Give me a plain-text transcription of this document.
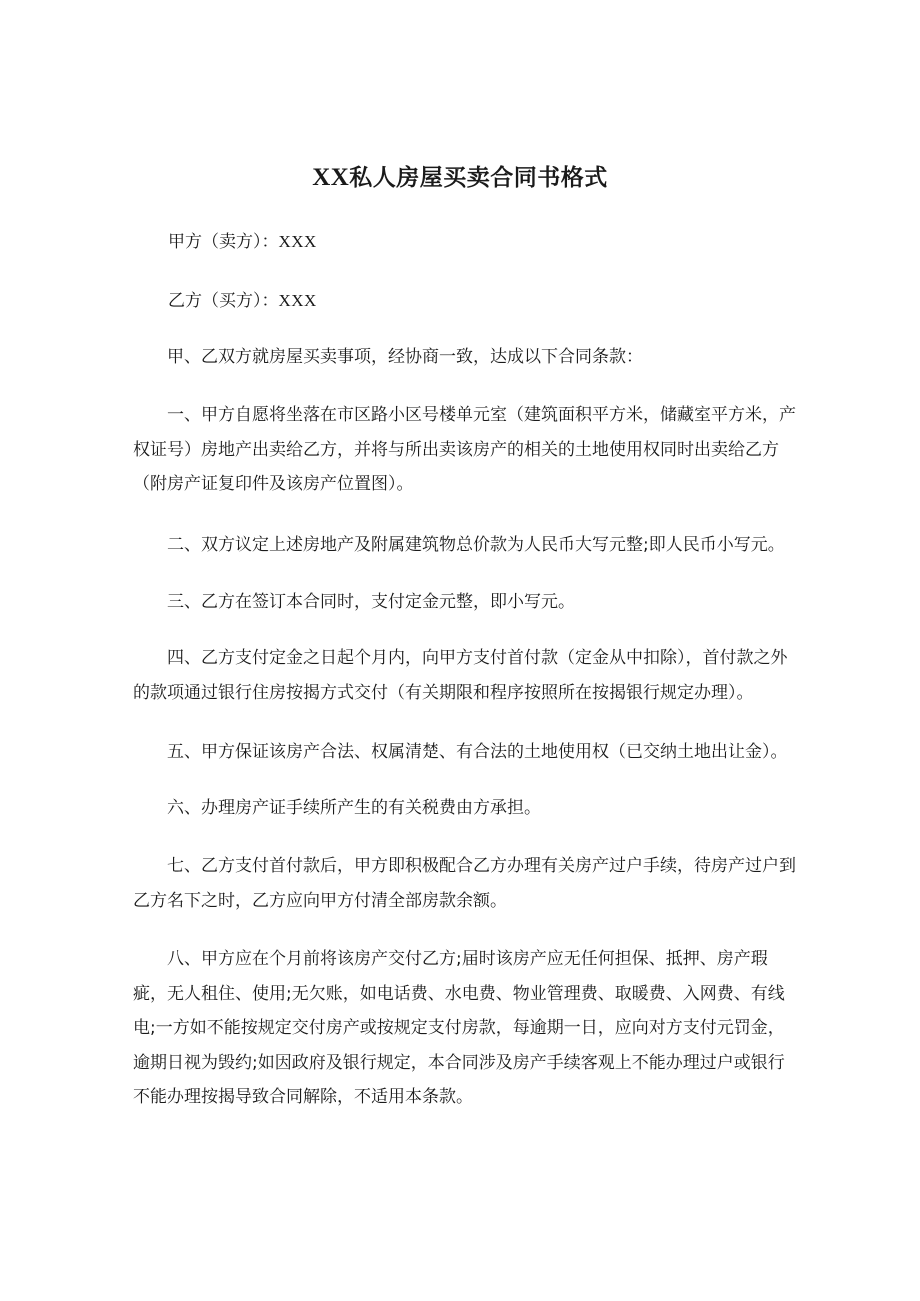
XX私人房屋买卖合同书格式
甲方（卖方）：XXX
乙方（买方）：XXX

甲、乙双方就房屋买卖事项，经协商一致，达成以下合同条款：

一、甲方自愿将坐落在市区路小区号楼单元室（建筑面积平方米，储藏室平方米，产权证号）房地产出卖给乙方，并将与所出卖该房产的相关的土地使用权同时出卖给乙方（附房产证复印件及该房产位置图）。

二、双方议定上述房地产及附属建筑物总价款为人民币大写元整;即人民币小写元。

三、乙方在签订本合同时，支付定金元整，即小写元。

四、乙方支付定金之日起个月内，向甲方支付首付款（定金从中扣除），首付款之外的款项通过银行住房按揭方式交付（有关期限和程序按照所在按揭银行规定办理）。

五、甲方保证该房产合法、权属清楚、有合法的土地使用权（已交纳土地出让金）。

六、办理房产证手续所产生的有关税费由方承担。

七、乙方支付首付款后，甲方即积极配合乙方办理有关房产过户手续，待房产过户到乙方名下之时，乙方应向甲方付清全部房款余额。

八、甲方应在个月前将该房产交付乙方;届时该房产应无任何担保、抵押、房产瑕疵，无人租住、使用;无欠账，如电话费、水电费、物业管理费、取暖费、入网费、有线电;一方如不能按规定交付房产或按规定支付房款，每逾期一日，应向对方支付元罚金，逾期日视为毁约;如因政府及银行规定，本合同涉及房产手续客观上不能办理过户或银行不能办理按揭导致合同解除，不适用本条款。
